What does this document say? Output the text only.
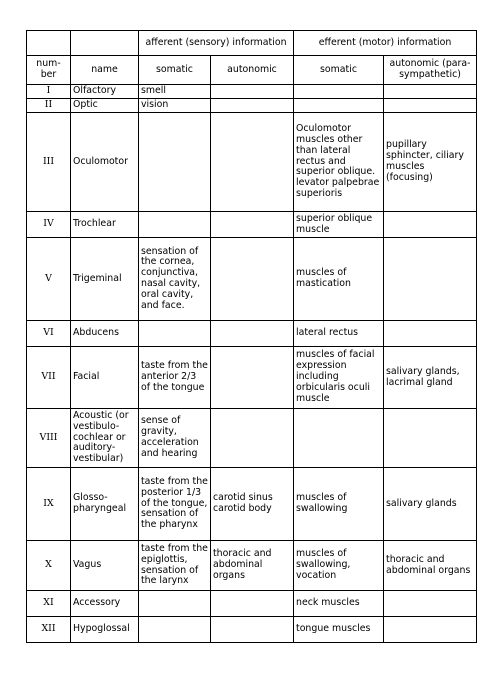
		afferent (sensory) information		efferent (motor) information	
num-ber	name	somatic	autonomic	somatic	autonomic (para-sympathetic)
I	Olfactory	smell			
II	Optic	vision			
III	Oculomotor			Oculomotor muscles other than lateral rectus and superior oblique. levator palpebrae superioris	pupillary sphincter, ciliary muscles (focusing)
IV	Trochlear			superior oblique muscle	
V	Trigeminal	sensation of the cornea, conjunctiva, nasal cavity, oral cavity, and face.		muscles of mastication	
VI	Abducens			lateral rectus	
VII	Facial	taste from the anterior 2/3 of the tongue		muscles of facial expression including orbicularis oculi muscle	salivary glands, lacrimal gland
VIII	Acoustic (or vestibulo-cochlear or auditory-vestibular)	sense of gravity, acceleration and hearing			
IX	Glosso-pharyngeal	taste from the posterior 1/3 of the tongue, sensation of the pharynx	carotid sinus carotid body	muscles of swallowing	salivary glands
X	Vagus	taste from the epiglottis, sensation of the larynx	thoracic and abdominal organs	muscles of swallowing, vocation	thoracic and abdominal organs
XI	Accessory			neck muscles	
XII	Hypoglossal			tongue muscles	
